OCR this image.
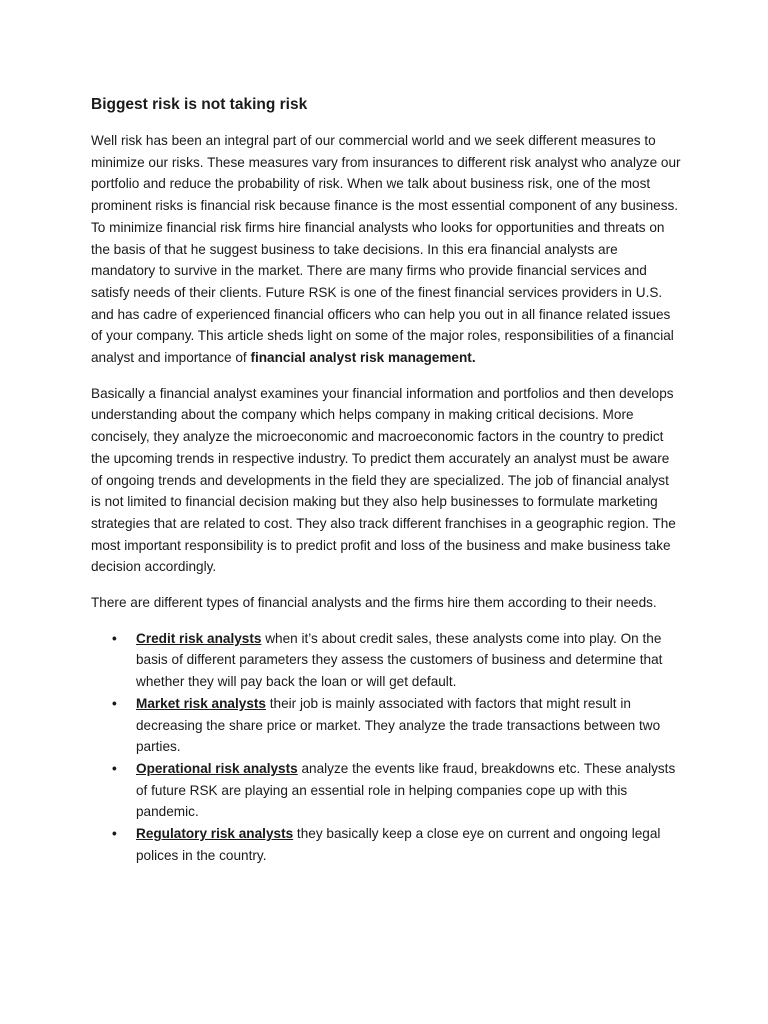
Biggest risk is not taking risk

Well risk has been an integral part of our commercial world and we seek different measures to minimize our risks. These measures vary from insurances to different risk analyst who analyze our portfolio and reduce the probability of risk. When we talk about business risk, one of the most prominent risks is financial risk because finance is the most essential component of any business. To minimize financial risk firms hire financial analysts who looks for opportunities and threats on the basis of that he suggest business to take decisions. In this era financial analysts are mandatory to survive in the market. There are many firms who provide financial services and satisfy needs of their clients. Future RSK is one of the finest financial services providers in U.S. and has cadre of experienced financial officers who can help you out in all finance related issues of your company. This article sheds light on some of the major roles, responsibilities of a financial analyst and importance of financial analyst risk management.

Basically a financial analyst examines your financial information and portfolios and then develops understanding about the company which helps company in making critical decisions. More concisely, they analyze the microeconomic and macroeconomic factors in the country to predict the upcoming trends in respective industry. To predict them accurately an analyst must be aware of ongoing trends and developments in the field they are specialized. The job of financial analyst is not limited to financial decision making but they also help businesses to formulate marketing strategies that are related to cost. They also track different franchises in a geographic region. The most important responsibility is to predict profit and loss of the business and make business take decision accordingly.

There are different types of financial analysts and the firms hire them according to their needs.

• Credit risk analysts when it’s about credit sales, these analysts come into play. On the basis of different parameters they assess the customers of business and determine that whether they will pay back the loan or will get default.
• Market risk analysts their job is mainly associated with factors that might result in decreasing the share price or market. They analyze the trade transactions between two parties.
• Operational risk analysts analyze the events like fraud, breakdowns etc. These analysts of future RSK are playing an essential role in helping companies cope up with this pandemic.
• Regulatory risk analysts they basically keep a close eye on current and ongoing legal polices in the country.
